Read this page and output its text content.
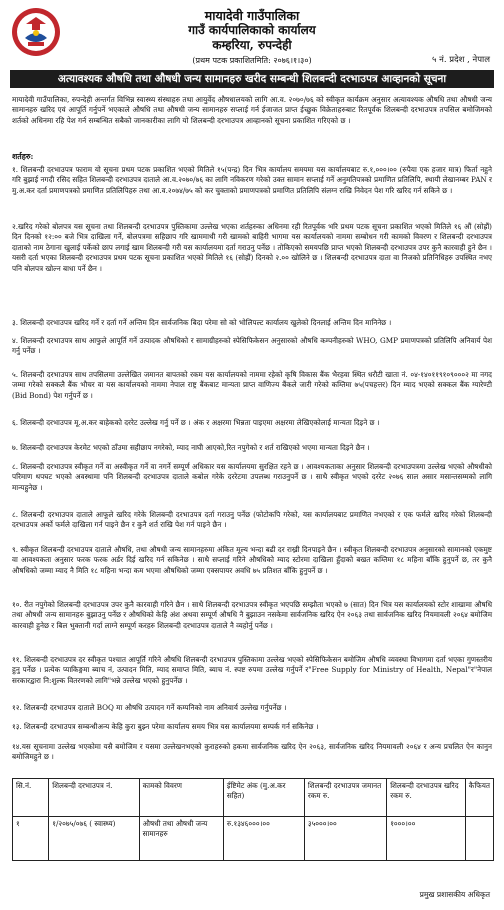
मायादेवी गाउँपालिका
गाउँ कार्यपालिकाको कार्यालय
कम्हरिया, रुपन्देही
(प्रथम पटक प्रकाशितमिति: २०७६।१।३०)	५ नं. प्रदेश , नेपाल
अत्यावश्यक औषधि तथा औषधी जन्य सामानहरु खरीद सम्बन्धी शिलबन्दी दरभाउपत्र आव्हानको सूचना
मायादेवी गाउँपालिका, रुपन्देही अन्तर्गत विभिन्न स्वास्थ्य संस्थाहरु तथा आयुर्वेद औषधालयको लागि आ.व. २०७०/७६ को स्वीकृत कार्यक्रम अनुसार अत्यावश्यक औषधि तथा औषधी जन्य सामानहरु खरिद एवं आपूर्ति गर्नुपर्ने भएकाले औषधि तथा औषधी जन्य सामानहरु सप्लाई गर्न ईजाजत प्राप्त ईच्छुक विक्रेताहरुबाट रितपूर्वक शिलबन्दी दरभाउपत्र तपसिल बमोजिमको शर्तको अधिनमा रहि पेश गर्न सम्बन्धित सबैको जानकारीका लागि यो शिलबन्दी दरभाउपत्र आव्हानको सूचना प्रकाशित गरिएको छ ।
शर्तहरु:
१. शिलबन्दी दरभाउपत्र फाराम यो सूचना प्रथम पटक प्रकाशित भएको मितिले १५(पन्द्र) दिन भित्र कार्यालय समयमा यस कार्यालयबाट रु.१,०००।०० (रुपैया एक हजार मात्र) फिर्ता नहुने गरि बुझाई नगदी रसिद सहित शिलबन्दी दरभाउपत्र दाताले आ.व.२०७०/७६ का लागि नविकरण गरेको उक्त सामान सप्लाई गर्ने अनुमतिपत्रको प्रमाणित प्रतिलिपि, स्थायी लेखानम्बर PAN र मु.अ.कर दर्ता प्रमाणपत्रको प्रमाणित प्रतिलिपिहरु तथा आ.व.२०७४/७५ को कर चुक्ताको प्रमाणपत्रको प्रमाणित प्रतिलिपि संलग्न राखि निवेदन पेश गरि खरिद गर्न सकिने छ ।
२.खरिद गरेको बोलपत्र यस सूचना तथा शिलबन्दी दरभाउपत्र पुस्तिकामा उल्लेख भएका शर्तहरुका अधिनमा रही रितपूर्वक भरि प्रथम पटक सूचना प्रकाशित भएको मितिले १६ औं (सोह्रौं) दिन दिनको १२:०० बजे भित्र दाखिला गर्ने, बोलपत्रमा सहिछाप गरि खाममाथी गरी खामको बाहिरी भागमा यस कार्यालयको नाममा सम्बोधन गरी कामको विवरण र शिलबन्दी दरभाउपत्र दाताको नाम ठेगाना खुलाई पर्केको छाप लगाई खाम शिलबन्दी गरी यस कार्यालयमा दर्ता गराउनु पर्नेछ । तोकिएको समयपछि प्राप्त भएको शिलबन्दी दरभाउपत्र उपर कुनै कारवाही हुने छैन । यसरी दर्ता भएका शिलबन्दी दरभाउपत्र प्रथम पटक सूचना प्रकाशित भएको मितिले १६ (सोह्रौं) दिनको २.०० खोलिने छ । शिलबन्दी दरभाउपत्र दाता वा निजको प्रतिनिधिहरु उपस्थित नभए पनि बोलपत्र खोल्न बाधा पर्ने छैन ।
३. शिलबन्दी दरभाउपत्र खरिद गर्ने र दर्ता गर्ने अन्तिम दिन सार्वजनिक बिदा परेमा सो को भोलिपल्ट कार्यालय खुलेको दिनलाई अन्तिम दिन मानिनेछ ।
४. शिलबन्दी दरभाउपत्र साथ आफुले आपूर्ति गर्ने उत्पादक औषधिको र सामाग्रीहरुको स्पेसिफिकेसन अनुसारको औषधि कम्पनीहरुको WHO, GMP प्रमाणपत्रको प्रतिलिपि अनिवार्य पेश गर्नु पर्नेछ ।
५. शिलबन्दी दरभाउपत्र साथ तपसिलमा उल्लेखित जमानत बापतको रकम यस कार्यालयको नाममा रहेको कृषि विकास बैंक भैरहवा स्थित धरौटी खाता नं. ०४-१४०११९१०९०००२ मा नगद जम्मा गरेको सक्कलै बैंक भौचर वा यस कार्यालयको नाममा नेपाल राष्ट्र बैंकबाट मान्यता प्राप्त वाणिज्य बैंकले जारी गरेको कम्तिमा ७५(पचहत्तर) दिन म्याद भएको सक्कल बैंक ग्यारेण्टी (Bid Bond) पेश गर्नुपर्ने छ ।
६. शिलबन्दी दरभाउपत्र मू.अ.कर बाहेकको दररेट उल्लेख गर्नु पर्ने छ । अंक र अक्षरमा भिन्नता पाइएमा अक्षरमा लेखिएकोलाई मान्यता दिइने छ ।
७. शिलबन्दी दरभाउपत्र केरमेट भएको ठाँउमा सहीछाप नगरेको, म्याद नाघी आएको,रित नपुगेको र शर्त राखिएको भएमा मान्यता दिइने छैन ।
८. शिलबन्दी दरभाउपत्र स्वीकृत गर्ने वा अस्वीकृत गर्ने वा नगर्ने सम्पूर्ण अधिकार यस कार्यालयमा सुरक्षित रहने छ । आवश्यकताका अनुसार शिलबन्दी दरभाउपत्रमा उल्लेख भएको औषधीको परिमाण थपघट भएको अवस्थामा पनि शिलबन्दी दरभाउपत्र दाताले कबोल गरेके दररेटमा उपलब्ध गराउनुपर्ने छ । साथै स्वीकृत भएको दररेट २०७६ साल असार मसान्तसम्मको लागि मान्यहुनेछ ।
८. शिलबन्दी दरभाउपत्र दाताले आफूले खरिद गरेके शिलबन्दी दरभाउपत्र दर्ता गराउनु पर्नेछ (फोटोकपि गरेको, यस कार्यालयबाट प्रमाणित नभएको र एक फर्मले खरिद गरेको शिलबन्दी दरभाउपत्र अर्को फर्मले दाखिला गर्न पाइने छैन र कुनै शर्त राखि पेश गर्न पाइने छैन ।
९. स्वीकृत शिलबन्दी दरभाउपत्र दाताले औषधि, तथा औषधी जन्य सामानहरुमा अंकित मूल्य भन्दा बढी दर राख्री दिनपाइने छैन । स्वीकृत शिलबन्दी दरभाउपत्र अनुसारको सामानको एकमुष्ट वा आवश्यकता अनुसार फरक फरक अर्डर दिई खरिद गर्न सकिनेछ । साथै सप्लाई गरिने औषधिको म्याद स्टोरमा दाखिला हुँदाको बखत कम्तिमा १८ महिना बाँकि हुनुपर्ने छ, तर कुनै औषधिको जम्मा म्याद नै मिति १८ महिना भन्दा कम भएमा औषधिको जम्मा एक्सपायर अवधि ७५ प्रतिशत बाँकि हुनुपर्ने छ ।
१०. रीत नपुगेको शिलबन्दी दरभाउपत्र उपर कुनै कारवाही गरिने छैन । साथै शिलबन्दी दरभाउपत्र स्वीकृत भएपछि सम्झौता भएको ७ (सात) दिन भित्र यस कार्यालयको स्टोर शाखामा औषधि तथा औषधी जन्य सामानहरु बुझाउनु पर्नेछ र औषधिको केहि अंश अथवा सम्पूर्ण औषधि नै बुझाउन नसकेमा सार्वजनिक खरिद ऐन २०६३ तथा सार्वजनिक खरिद नियमावली २०६४ बमोजिम कारवाही हुनेछ र बिल भुक्तानी गर्दा लाग्ने सम्पूर्ण करहरु शिलबन्दी दरभाउपत्र दाताले नै व्यहोर्नु पर्नेछ ।
११. शिलबन्दी दरभाउपत्र दर स्वीकृत पश्चात आपूर्ति गरिने औषधि शिलबन्दी दरभाउपत्र पुस्तिकामा उल्लेख भएको स्पेसिफिकेसन बमोजिम औषधि व्यवस्था विभागमा दर्ता भएका गुणस्तरीय हुनु पर्नेछ । प्रत्येक प्याकिङ्गमा ब्याच नं, उत्पादन मिति, म्याद समाप्त मिति, ब्याच नं. स्पष्ट रुपमा उल्लेख गर्नुपर्ने र"Free Supply for Ministry of Health, Nepal"र"नेपाल सरकारद्वारा नि:शुल्क वितरणको लागि"भन्ने उल्लेख भएको हुनुपर्नेछ ।
१२. शिलबन्दी दरभाउपत्र दाताले BOQ मा औषधि उत्पादन गर्ने कम्पनिको नाम अनिवार्य उल्लेख गर्नुपर्नेछ ।
१३. शिलबन्दी दरभाउपत्र सम्बन्धीअन्य केहि कुरा बुझ्न परेमा कार्यालय समय भित्र यस कार्यालयमा सम्पर्क गर्न सकिनेछ ।
१४.यस सूचनामा उल्लेख भएकोमा यसै बमोजिम र यसमा उल्लेखनभएको कुराहरुको हकमा सार्वजनिक खरिद ऐन २०६३, सार्वजनिक खरिद नियमावली २०६४ र अन्य प्रचलित ऐन कानुन बमोजिमहुने छ ।
सि.नं.	शिलबन्दी दरभाउपत्र नं.	कामको विवरण	ईष्टिमेट अंक (मु.अ.कर सहित)	शिलबन्दी दरभाउपत्र जमानत रकम रु.	शिलबन्दी दरभाउपत्र खरिद रकम रु.	कैफियत
१	१/२०७५/०७६ ( स्वास्थ्य)	औषधी तथा औषधी जन्य सामानहरु	रु.१३४६०००।००	३५०००।००	१०००।००	
प्रमुख प्रशासकीय अधिकृत
